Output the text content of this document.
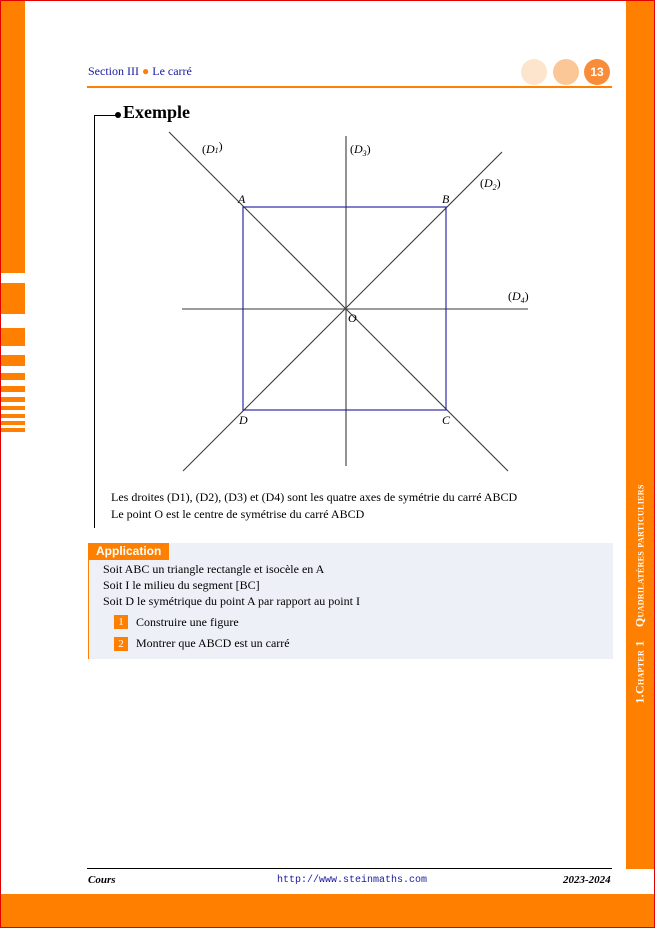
1.Chapter 1    Quadrilatères particuliers
Section III ● Le carré	13
Exemple
(D1)	$(D_3)$
$(D_2)$
$(D_4)$
A	B
C
D
O
Les droites (D1), (D2), (D3) et (D4) sont les quatre axes de symétrie du carré ABCD
Le point O est le centre de symétrise du carré ABCD
Application
Soit ABC un triangle rectangle et isocèle en A
Soit I le milieu du segment [BC]
Soit D le symétrique du point A par rapport au point I
1	Construire une figure
2	Montrer que ABCD est un carré
Cours	http://www.steinmaths.com	2023-2024
